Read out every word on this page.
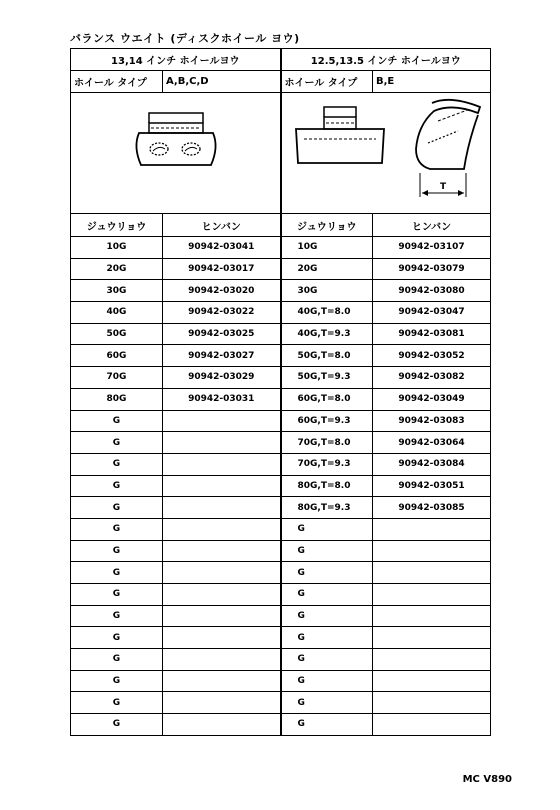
バランス ウエイト (ディスクホイール ヨウ)
13,14 インチ ホイールヨウ		12.5,13.5 インチ ホイールヨウ	
ホイール タイプ	A,B,C,D	ホイール タイプ	B,E

T	

ジュウリョウ	ヒンバン	ジュウリョウ	ヒンバン
10G	90942-03041	10G	90942-03107
20G	90942-03017	20G	90942-03079
30G	90942-03020	30G	90942-03080
40G	90942-03022	40G,T=8.0	90942-03047
50G	90942-03025	40G,T=9.3	90942-03081
60G	90942-03027	50G,T=8.0	90942-03052
70G	90942-03029	50G,T=9.3	90942-03082
80G	90942-03031	60G,T=8.0	90942-03049
G		60G,T=9.3	90942-03083
G		70G,T=8.0	90942-03064
G		70G,T=9.3	90942-03084
G		80G,T=8.0	90942-03051
G		80G,T=9.3	90942-03085
G		G	
G		G	
G		G	
G		G	
G		G	
G		G	
G		G	
G		G	
G		G	
G		G	
MC V890
